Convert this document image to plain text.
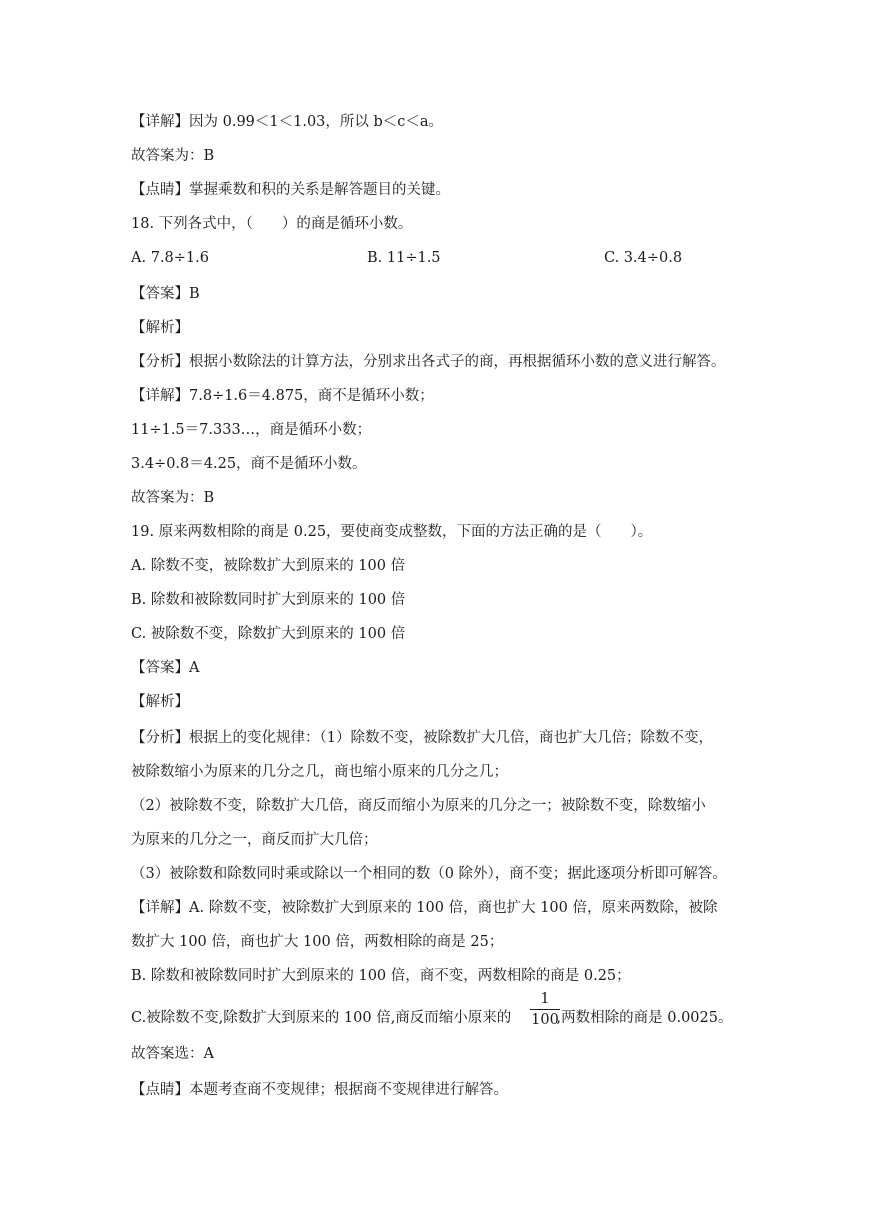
【详解】因为 0.99＜1＜1.03，所以 b＜c＜a。
故答案为：B
【点睛】掌握乘数和积的关系是解答题目的关键。
18. 下列各式中，（　　）的商是循环小数。
A. 7.8÷1.6	B. 11÷1.5	C. 3.4÷0.8
【答案】B
【解析】
【分析】根据小数除法的计算方法，分别求出各式子的商，再根据循环小数的意义进行解答。
【详解】7.8÷1.6＝4.875，商不是循环小数；
11÷1.5＝7.333…，商是循环小数；
3.4÷0.8＝4.25，商不是循环小数。
故答案为：B
19. 原来两数相除的商是 0.25，要使商变成整数，下面的方法正确的是（　　）。
A. 除数不变，被除数扩大到原来的 100 倍
B. 除数和被除数同时扩大到原来的 100 倍
C. 被除数不变，除数扩大到原来的 100 倍
【答案】A
【解析】
【分析】根据上的变化规律：（1）除数不变，被除数扩大几倍，商也扩大几倍；除数不变，
被除数缩小为原来的几分之几，商也缩小原来的几分之几；
（2）被除数不变，除数扩大几倍，商反而缩小为原来的几分之一；被除数不变，除数缩小
为原来的几分之一，商反而扩大几倍；
（3）被除数和除数同时乘或除以一个相同的数（0 除外），商不变；据此逐项分析即可解答。
【详解】A. 除数不变，被除数扩大到原来的 100 倍，商也扩大 100 倍，原来两数除，被除
数扩大 100 倍，商也扩大 100 倍，两数相除的商是 25；
B. 除数和被除数同时扩大到原来的 100 倍，商不变，两数相除的商是 0.25；
C.被除数不变,除数扩大到原来的 100 倍,商反而缩小原来的	,两数相除的商是 0.0025。
1
100
故答案选：A
【点睛】本题考查商不变规律；根据商不变规律进行解答。
